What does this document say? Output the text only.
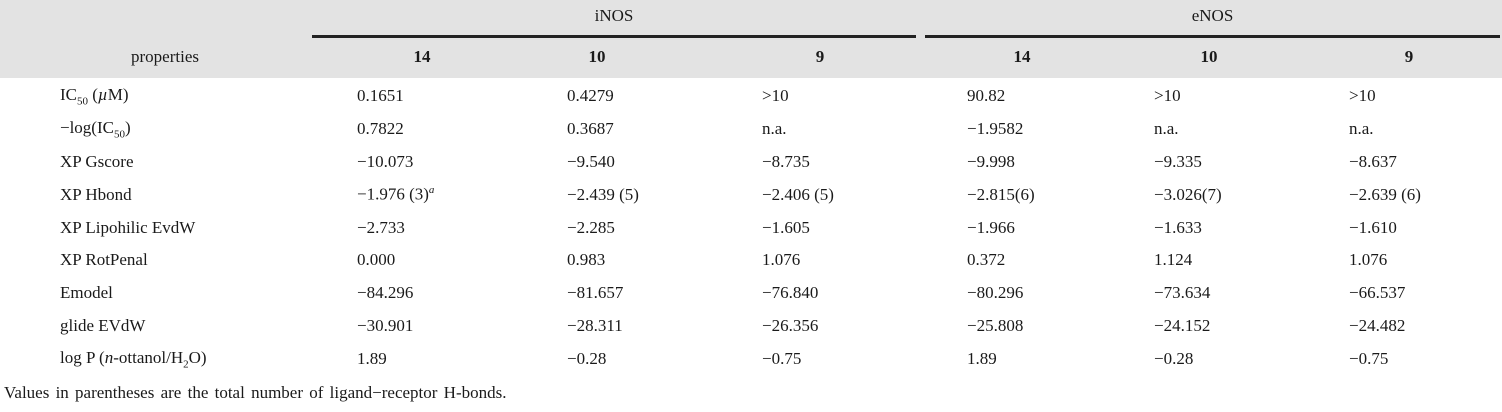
iNOS	eNOS
properties	14	10	9	14	10	9
$IC_{50}$ (µM)	0.1651	0.4279	>10	90.82	>10	>10
$-\log(IC_{50})$	0.7822	0.3687	n.a.	−1.9582	n.a.	n.a.
XP Gscore	−10.073	−9.540	−8.735	−9.998	−9.335	−8.637
XP Hbond	−1.976 $(3)^a$	−2.439 (5)	−2.406 (5)	−2.815(6)	−3.026(7)	−2.639 (6)
XP Lipohilic EvdW	−2.733	−2.285	−1.605	−1.966	−1.633	−1.610
XP RotPenal	0.000	0.983	1.076	0.372	1.124	1.076
Emodel	−84.296	−81.657	−76.840	−80.296	−73.634	−66.537
glide EVdW	−30.901	−28.311	−26.356	−25.808	−24.152	−24.482
log P $(n-ottanol/H_2O)$	1.89	−0.28	−0.75	1.89	−0.28	−0.75
Values in parentheses are the total number of ligand−receptor H-bonds.
